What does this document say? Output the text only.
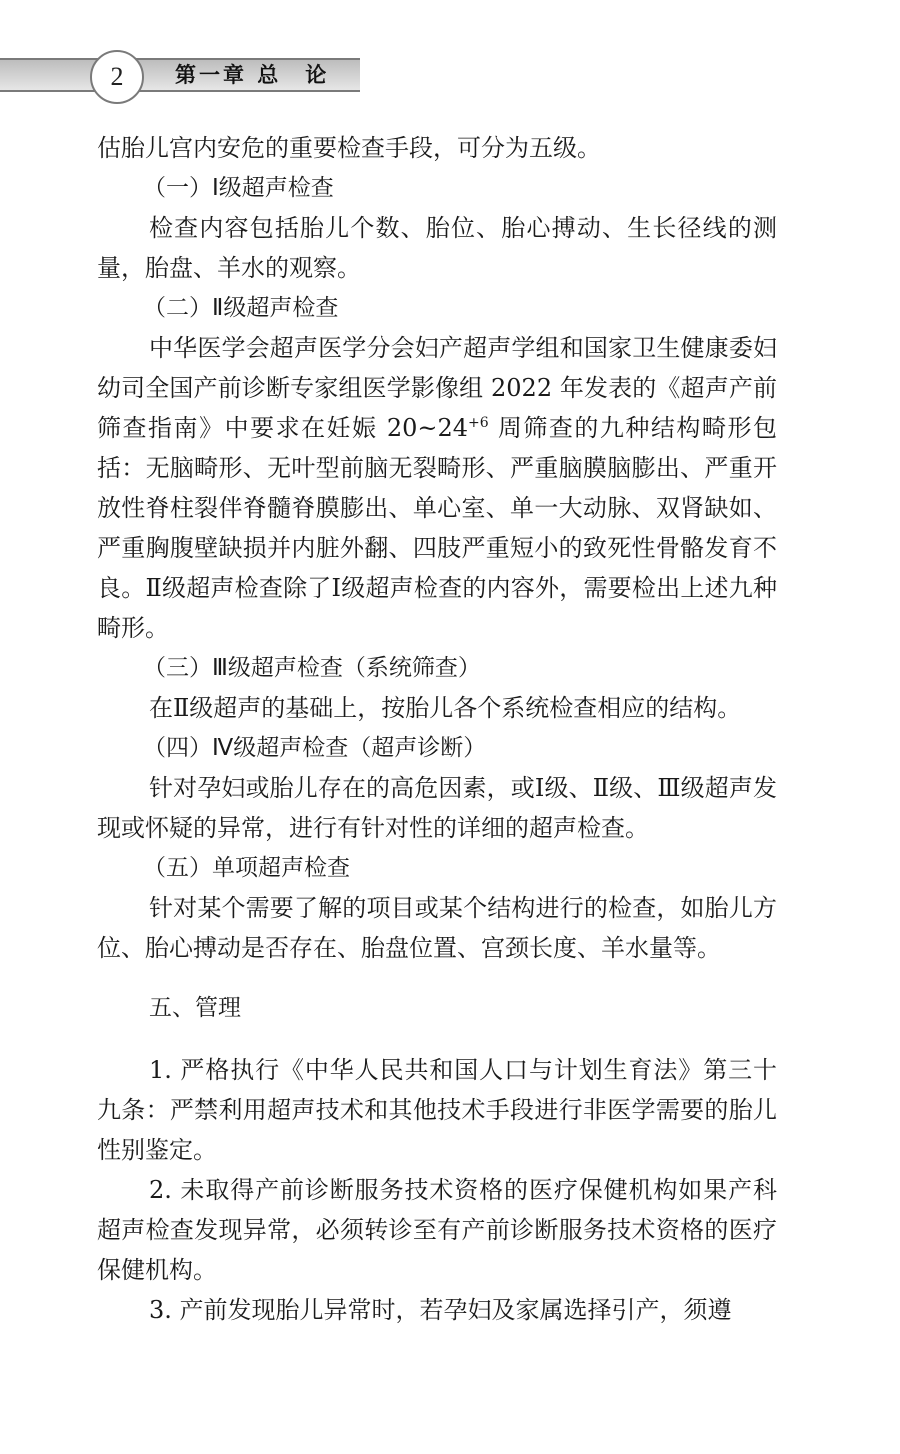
2	第一章 总　论

估胎儿宫内安危的重要检查手段，可分为五级。

（一）Ⅰ级超声检查

检查内容包括胎儿个数、胎位、胎心搏动、生长径线的测量，胎盘、羊水的观察。

（二）Ⅱ级超声检查

中华医学会超声医学分会妇产超声学组和国家卫生健康委妇幼司全国产前诊断专家组医学影像组 2022 年发表的《超声产前筛查指南》中要求在妊娠 $20\sim 24^{+6}$ 周筛查的九种结构畸形包括：无脑畸形、无叶型前脑无裂畸形、严重脑膜脑膨出、严重开放性脊柱裂伴脊髓脊膜膨出、单心室、单一大动脉、双肾缺如、严重胸腹壁缺损并内脏外翻、四肢严重短小的致死性骨骼发育不良。Ⅱ级超声检查除了Ⅰ级超声检查的内容外，需要检出上述九种畸形。

（三）Ⅲ级超声检查（系统筛查）

在Ⅱ级超声的基础上，按胎儿各个系统检查相应的结构。

（四）Ⅳ级超声检查（超声诊断）

针对孕妇或胎儿存在的高危因素，或Ⅰ级、Ⅱ级、Ⅲ级超声发现或怀疑的异常，进行有针对性的详细的超声检查。

（五）单项超声检查

针对某个需要了解的项目或某个结构进行的检查，如胎儿方位、胎心搏动是否存在、胎盘位置、宫颈长度、羊水量等。

五、管理

1. 严格执行《中华人民共和国人口与计划生育法》第三十九条：严禁利用超声技术和其他技术手段进行非医学需要的胎儿性别鉴定。

2. 未取得产前诊断服务技术资格的医疗保健机构如果产科超声检查发现异常，必须转诊至有产前诊断服务技术资格的医疗保健机构。

3. 产前发现胎儿异常时，若孕妇及家属选择引产，须遵
